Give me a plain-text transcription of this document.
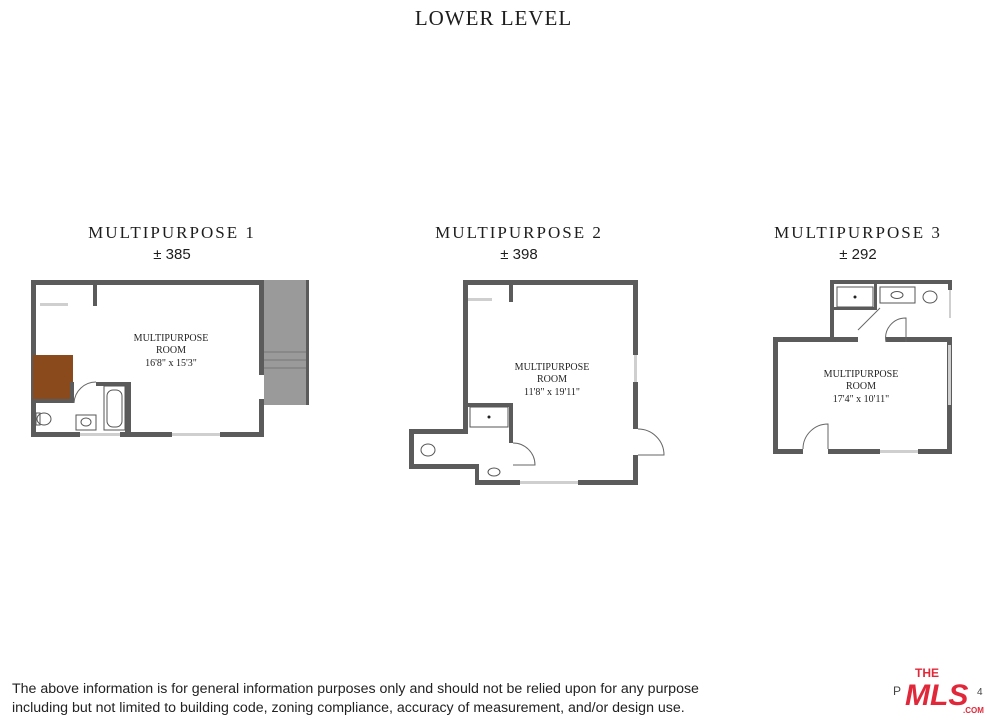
LOWER LEVEL
MULTIPURPOSE 1
± 385
MULTIPURPOSE 2
± 398
MULTIPURPOSE 3
± 292
MULTIPURPOSE
ROOM
16'8" x 15'3"	MULTIPURPOSE
ROOM
11'8" x 19'11"
MULTIPURPOSE
ROOM
17'4" x 10'11"
The above information is for general information purposes only and should not be relied upon for any purpose
including but not limited to building code, zoning compliance, accuracy of measurement, and/or design use.
P
THE
MLS
.COM
4
